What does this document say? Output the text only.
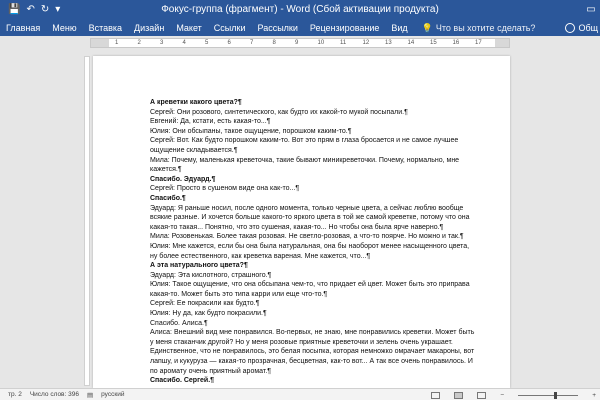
💾 ↶ ↻ ▾	Фокус-группа (фрагмент) - Word (Сбой активации продукта)	▭
Главная	Меню	Вставка	Дизайн	Макет	Ссылки	Рассылки	Рецензирование	Вид	💡 Что вы хотите сделать?	Общ
1	2	3	4	5	6	7	8	9	10	11	12	13	14	15	16	17

А креветки какого цвета?¶

Сергей: Они розового, синтетического, как будто их какой-то мукой посыпали.¶

Евгений: Да, кстати, есть какая-то...¶

Юлия: Они обсыпаны, такое ощущение, порошком каким-то.¶

Сергей: Вот. Как будто порошком каким-то. Вот это прям в глаза бросается и не самое лучшее ощущение складывается.¶

Мила: Почему, маленькая креветочка, такие бывают миникреветочки. Почему, нормально, мне кажется.¶

Спасибо. Эдуард.¶

Сергей: Просто в сушеном виде она как-то...¶

Спасибо.¶

Эдуард: Я раньше носил, после одного момента, только черные цвета, а сейчас люблю вообще всякие разные. И хочется больше какого-то яркого цвета в той же самой креветке, потому что она какая-то такая... Понятно, что это сушеная, какая-то... Но чтобы она была ярче наверно.¶

Мила: Розовенькая. Более такая розовая. Не светло-розовая, а что-то поярче. Но можно и так.¶

Юлия: Мне кажется, если бы она была натуральная, она бы наоборот менее насыщенного цвета, ну более естественного, как креветка вареная. Мне кажется, что...¶

А эта натурального цвета?¶

Эдуард: Эта кислотного, страшного.¶

Юлия: Такое ощущение, что она обсыпана чем-то, что придает ей цвет. Может быть это приправа какая-то. Может быть это типа карри или еще что-то.¶

Сергей: Ее покрасили как будто.¶

Юлия: Ну да, как будто покрасили.¶

Спасибо. Алиса.¶

Алиса: Внешний вид мне понравился. Во-первых, не знаю, мне понравились креветки. Может быть у меня стаканчик другой? Но у меня розовые приятные креветочки и зелень очень украшает. Единственное, что не понравилось, это белая посыпка, которая немножко омрачает макароны, вот лапшу, и кукуруза — какая-то прозрачная, бесцветная, как-то вот... А так все очень понравилось. И по аромату очень приятный аромат.¶

Спасибо. Сергей.¶

тр. 2 Число слов: 396 ▤ русский	−	+
